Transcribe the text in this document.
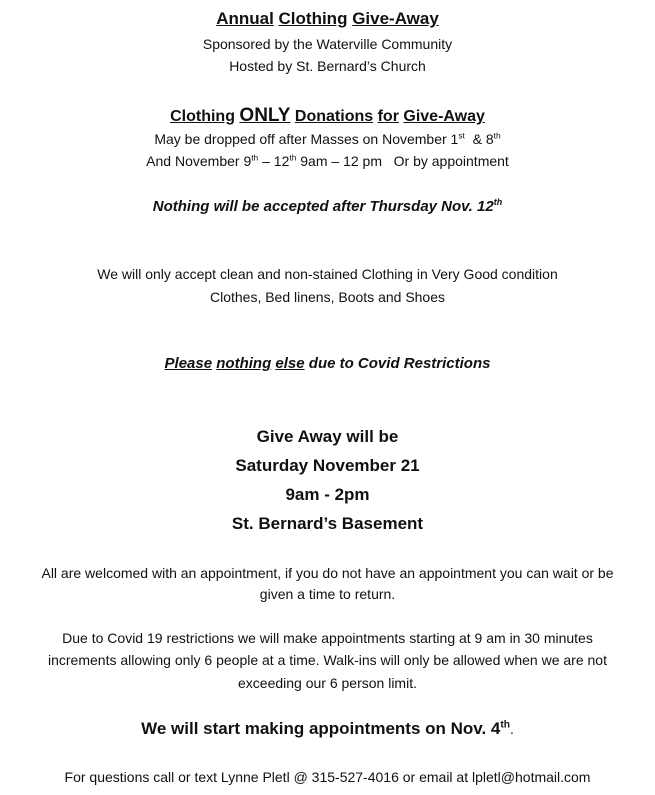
Annual Clothing Give-Away
Sponsored by the Waterville Community
Hosted by St. Bernard’s Church
Clothing ONLY Donations for Give-Away
May be dropped off after Masses on November 1st  & 8th
And November 9th – 12th 9am – 12 pm   Or by appointment
Nothing will be accepted after Thursday Nov. 12th
We will only accept clean and non-stained Clothing in Very Good condition
Clothes, Bed linens, Boots and Shoes
Please nothing else due to Covid Restrictions
Give Away will be
Saturday November 21
9am - 2pm
St. Bernard’s Basement
All are welcomed with an appointment, if you do not have an appointment you can wait or be
given a time to return.
Due to Covid 19 restrictions we will make appointments starting at 9 am in 30 minutes
increments allowing only 6 people at a time. Walk-ins will only be allowed when we are not
exceeding our 6 person limit.
We will start making appointments on Nov. 4th.
For questions call or text Lynne Pletl @ 315-527-4016 or email at lpletl@hotmail.com
